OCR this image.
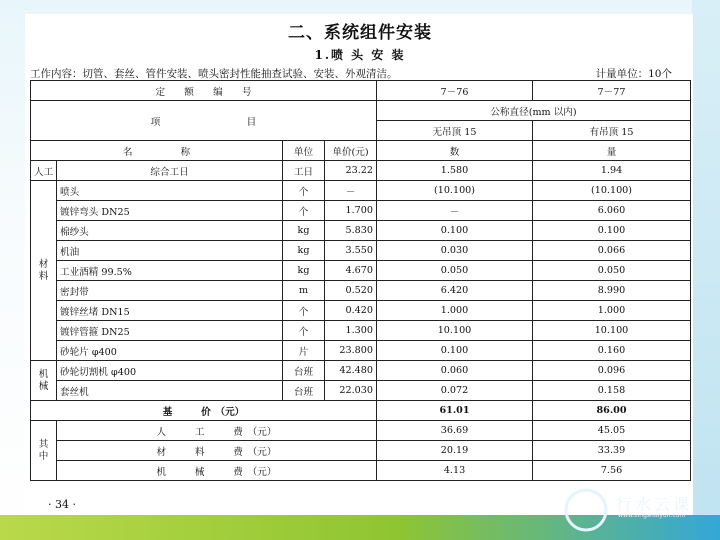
二、系统组件安装
1.喷 头 安 装
工作内容：切管、套丝、管件安装、喷头密封性能抽查试验、安装、外观清洁。	计量单位：10个
定　　额　　编　　号				7－76	7－77
项　　　　　　　　　目				公称直径(mm 以内)	
				无吊顶 15	有吊顶 15
名　　　　　称		单位	单价(元)	数	量
人工	综合工日	工日	23.22	1.580	1.94
材　料	喷头	个	－	(10.100)	(10.100)
	镀锌弯头 DN25	个	1.700	－	6.060
	棉纱头	kg	5.830	0.100	0.100
	机油	kg	3.550	0.030	0.066
	工业酒精 99.5%	kg	4.670	0.050	0.050
	密封带	m	0.520	6.420	8.990
	镀锌丝堵 DN15	个	0.420	1.000	1.000
	镀锌管箍 DN25	个	1.300	10.100	10.100
	砂轮片 φ400	片	23.800	0.100	0.160
机　械	砂轮切割机 φ400	台班	42.480	0.060	0.096
	套丝机	台班	22.030	0.072	0.158
基　　　价　（元）				61.01	86.00
其　中	人　　　工　　　费　（元）			36.69	45.05
	材　　　料　　　费　（元）			20.19	33.39
	机　　　械　　　费　（元）			4.13	7.56
· 34 ·	行水云课
www.xingshuiyun.com
